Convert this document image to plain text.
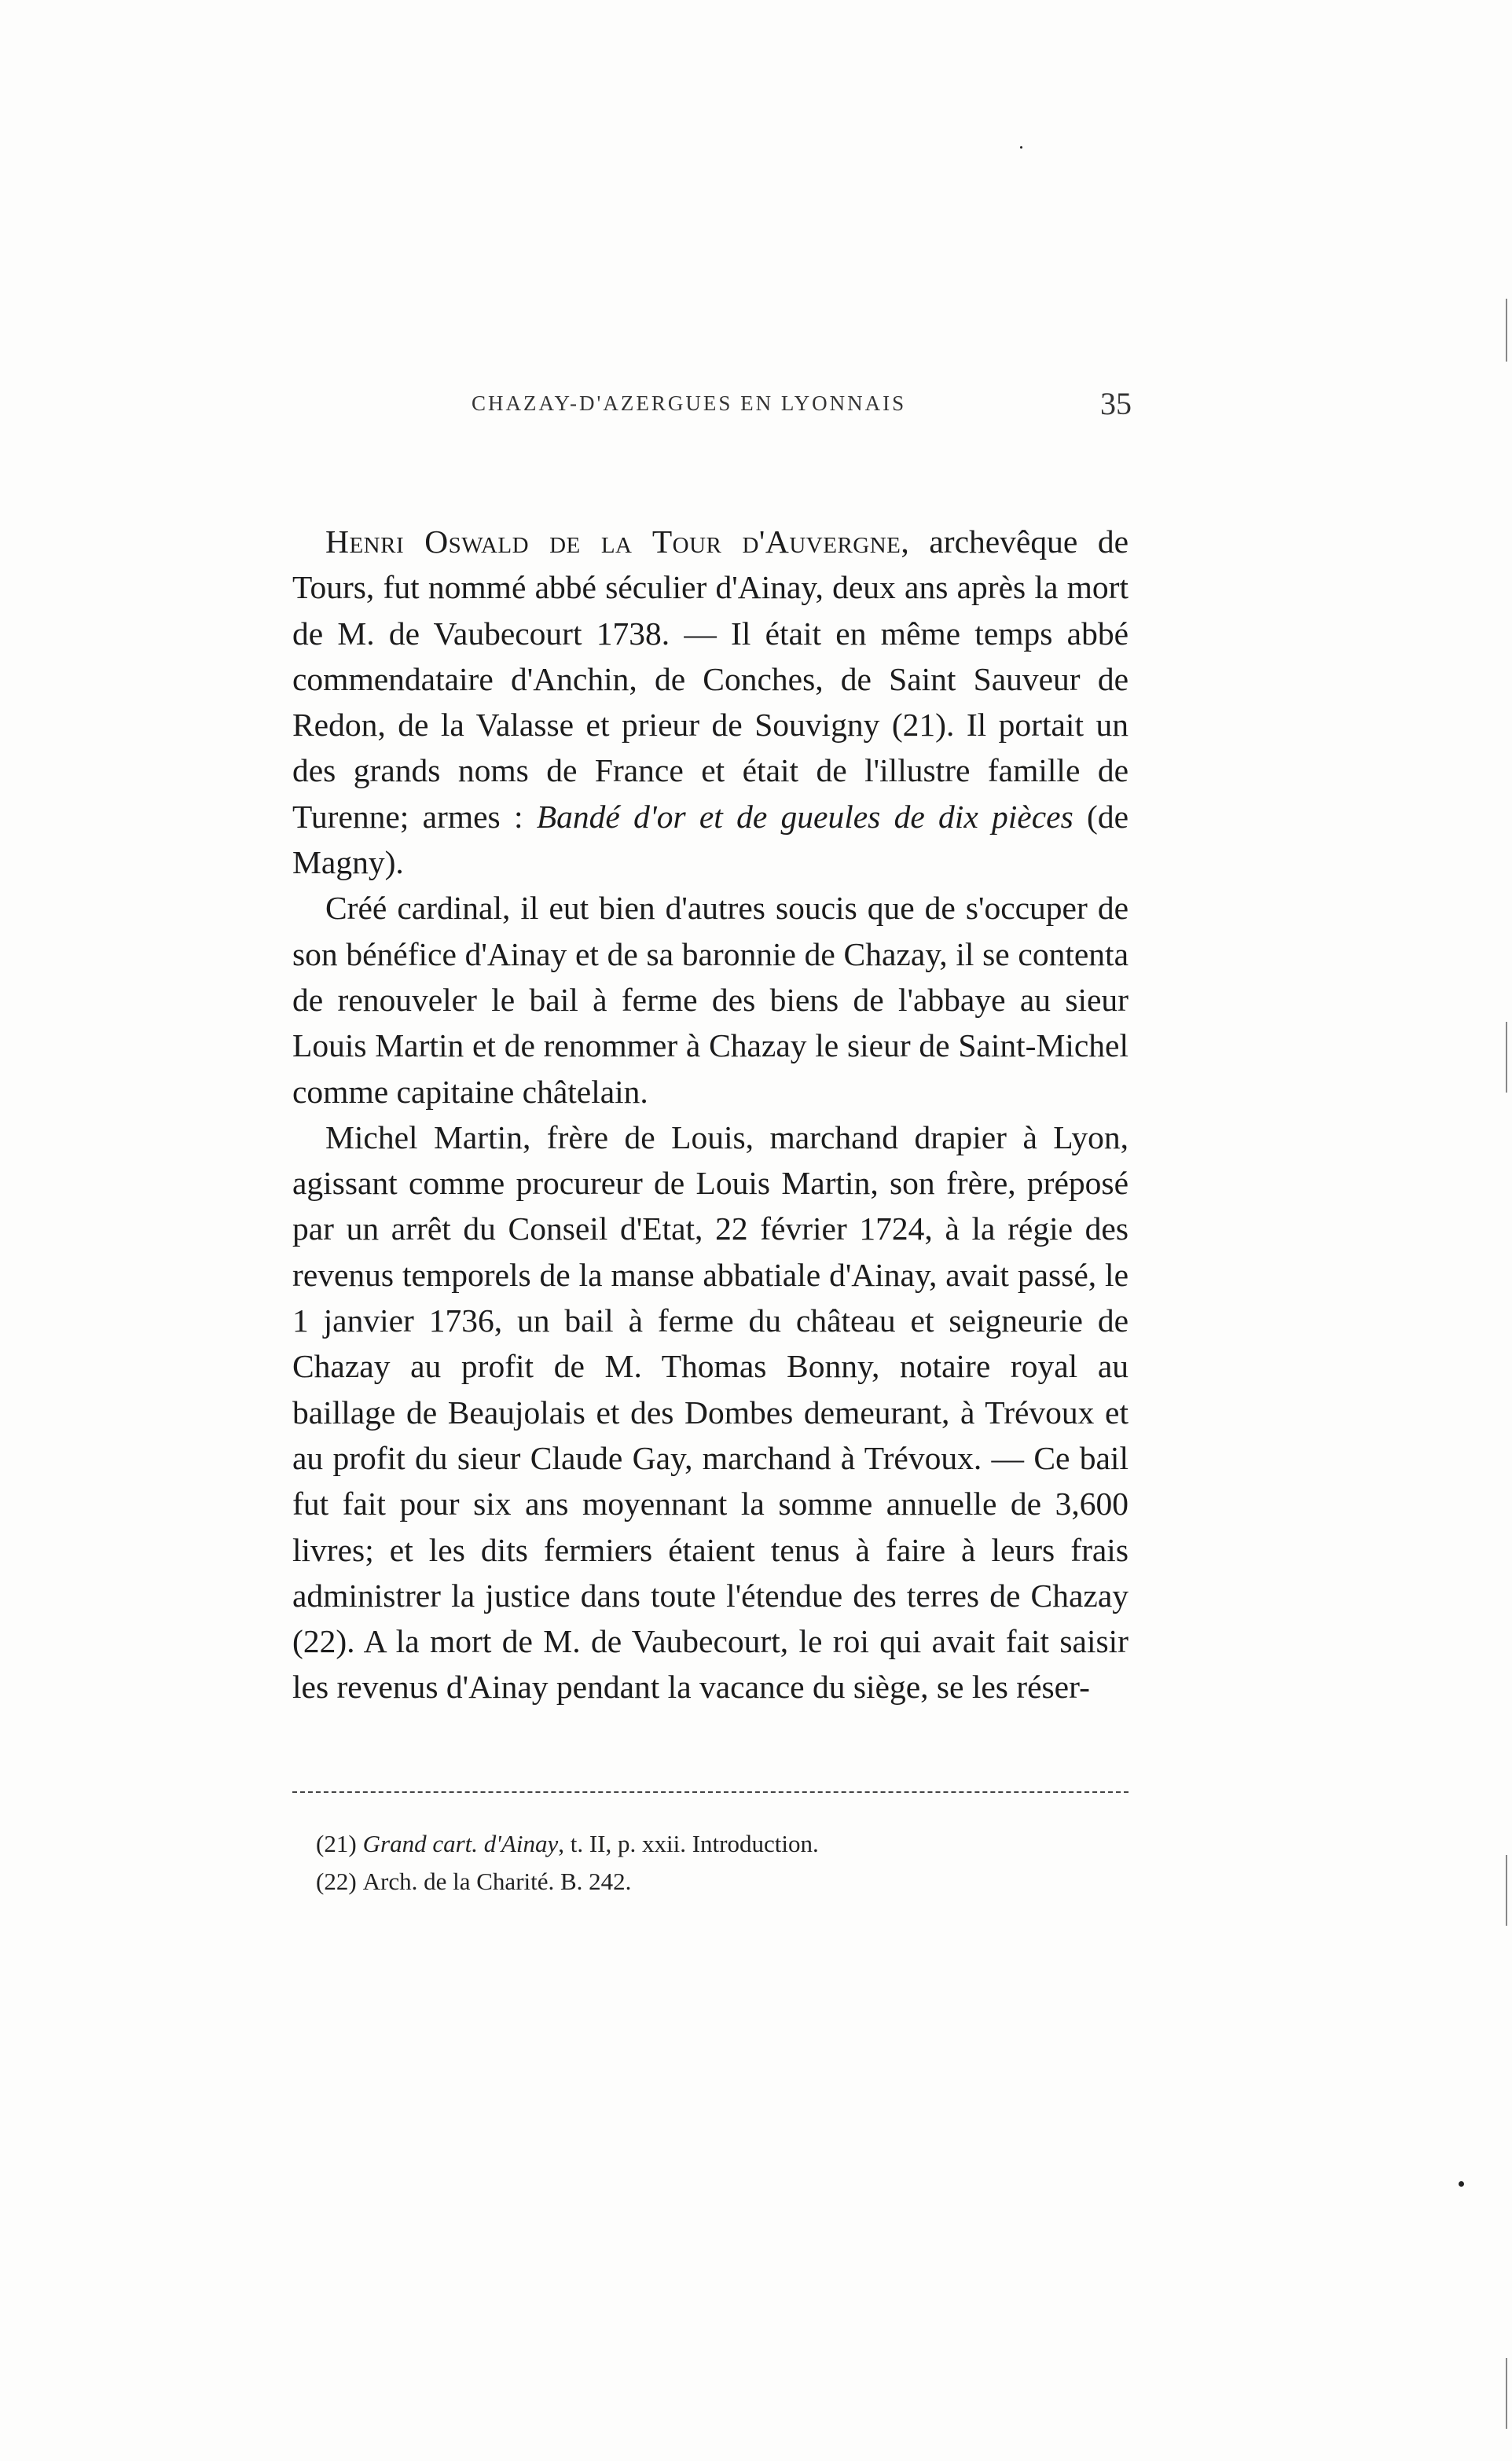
CHAZAY-D'AZERGUES EN LYONNAIS	35

Henri Oswald de la Tour d'Auvergne, archevêque de Tours, fut nommé abbé séculier d'Ainay, deux ans après la mort de M. de Vaubecourt 1738. — Il était en même temps abbé commendataire d'Anchin, de Conches, de Saint Sauveur de Redon, de la Valasse et prieur de Souvigny (21). Il portait un des grands noms de France et était de l'illustre famille de Turenne; armes : Bandé d'or et de gueules de dix pièces (de Magny).

Créé cardinal, il eut bien d'autres soucis que de s'occuper de son bénéfice d'Ainay et de sa baronnie de Chazay, il se contenta de renouveler le bail à ferme des biens de l'abbaye au sieur Louis Martin et de renommer à Chazay le sieur de Saint-Michel comme capitaine châtelain.

Michel Martin, frère de Louis, marchand drapier à Lyon, agissant comme procureur de Louis Martin, son frère, préposé par un arrêt du Conseil d'Etat, 22 février 1724, à la régie des revenus temporels de la manse abbatiale d'Ainay, avait passé, le 1 janvier 1736, un bail à ferme du château et seigneurie de Chazay au profit de M. Thomas Bonny, notaire royal au baillage de Beaujolais et des Dombes demeurant, à Trévoux et au profit du sieur Claude Gay, marchand à Trévoux. — Ce bail fut fait pour six ans moyennant la somme annuelle de 3,600 livres; et les dits fermiers étaient tenus à faire à leurs frais administrer la justice dans toute l'étendue des terres de Chazay (22). A la mort de M. de Vaubecourt, le roi qui avait fait saisir les revenus d'Ainay pendant la vacance du siège, se les réser-

(21) Grand cart. d'Ainay, t. II, p. xxii. Introduction.

(22) Arch. de la Charité. B. 242.
